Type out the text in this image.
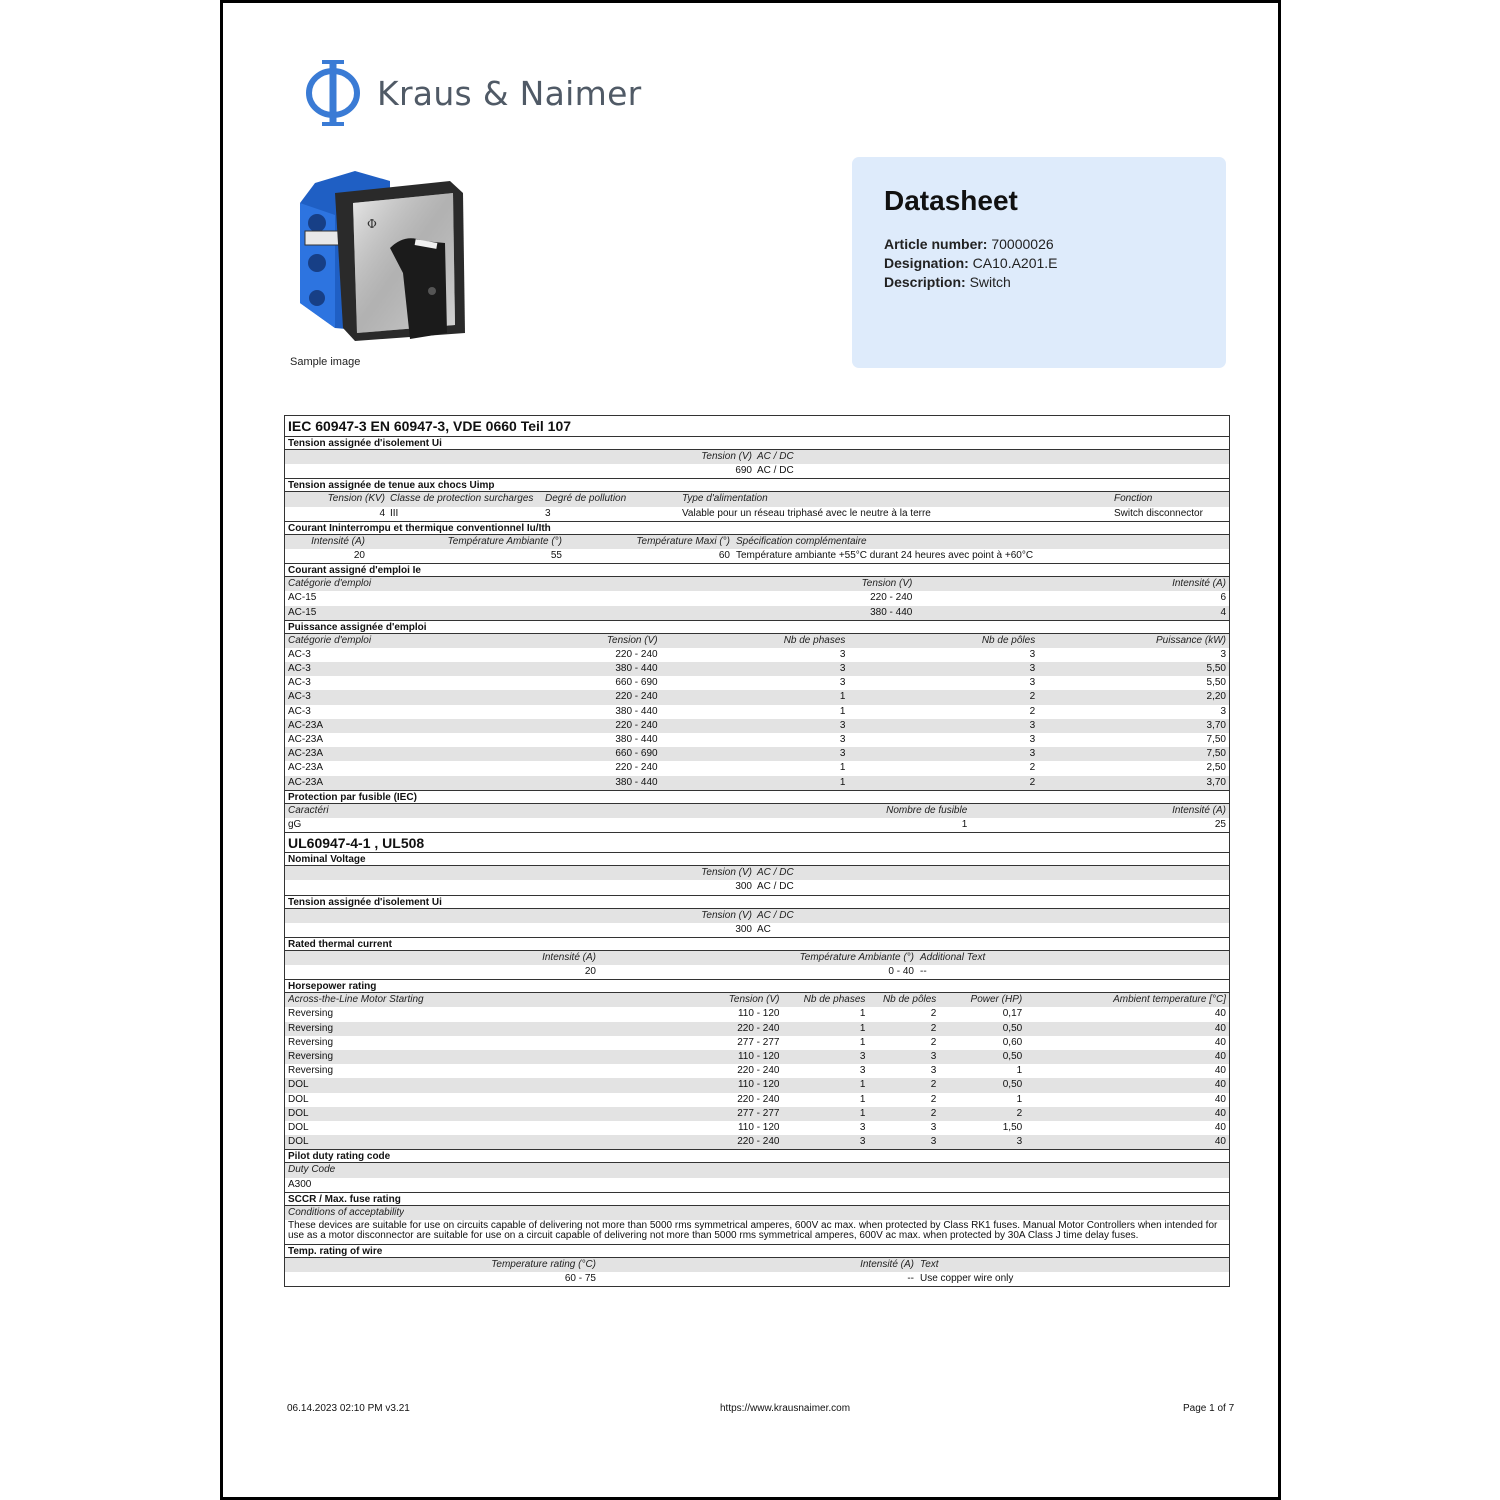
Kraus & Naimer
Φ
Sample image
Datasheet
Article number: 70000026
Designation: CA10.A201.E
Description: Switch
IEC 60947-3 EN 60947-3, VDE 0660 Teil 107
Tension assignée d'isolement Ui
Tension (V) AC / DC
690 AC / DC
Tension assignée de tenue aux chocs Uimp
Tension (KV) Classe de protection surcharges	Degré de pollution	Type d'alimentation	Fonction
4 III	3	Valable pour un réseau triphasé avec le neutre à la terre	Switch disconnector
Courant Ininterrompu et thermique conventionnel Iu/Ith
Intensité (A)	Température Ambiante (°)	Température Maxi (°) Spécification complémentaire
20	55	60 Température ambiante +55°C durant 24 heures avec point à +60°C
Courant assigné d'emploi Ie
Catégorie d'emploi	Tension (V)	Intensité (A)
AC-15	220 - 240	6
AC-15	380 - 440	4
Puissance assignée d'emploi
Catégorie d'emploi	Tension (V)	Nb de phases	Nb de pôles	Puissance (kW)
AC-3	220 - 240	3	3	3
AC-3	380 - 440	3	3	5,50
AC-3	660 - 690	3	3	5,50
AC-3	220 - 240	1	2	2,20
AC-3	380 - 440	1	2	3
AC-23A	220 - 240	3	3	3,70
AC-23A	380 - 440	3	3	7,50
AC-23A	660 - 690	3	3	7,50
AC-23A	220 - 240	1	2	2,50
AC-23A	380 - 440	1	2	3,70
Protection par fusible (IEC)
Caractéri	Nombre de fusible	Intensité (A)
gG	1	25
UL60947-4-1 , UL508
Nominal Voltage
Tension (V) AC / DC
300 AC / DC
Tension assignée d'isolement Ui
Tension (V) AC / DC
300 AC
Rated thermal current
Intensité (A)	Température Ambiante (°) Additional Text
20	0 - 40 --
Horsepower rating
Across-the-Line Motor Starting	Tension (V)	Nb de phases	Nb de pôles	Power (HP)	Ambient temperature [°C]
Reversing	110 - 120	1	2	0,17	40
Reversing	220 - 240	1	2	0,50	40
Reversing	277 - 277	1	2	0,60	40
Reversing	110 - 120	3	3	0,50	40
Reversing	220 - 240	3	3	1	40
DOL	110 - 120	1	2	0,50	40
DOL	220 - 240	1	2	1	40
DOL	277 - 277	1	2	2	40
DOL	110 - 120	3	3	1,50	40
DOL	220 - 240	3	3	3	40
Pilot duty rating code
Duty Code
A300
SCCR / Max. fuse rating
Conditions of acceptability
These devices are suitable for use on circuits capable of delivering not more than 5000 rms symmetrical amperes, 600V ac max. when protected by Class RK1 fuses. Manual Motor Controllers when intended for use as a motor disconnector are suitable for use on a circuit capable of delivering not more than 5000 rms symmetrical amperes, 600V ac max. when protected by 30A Class J time delay fuses.
Temp. rating of wire
Temperature rating (°C)	Intensité (A) Text
60 - 75	-- Use copper wire only
06.14.2023 02:10 PM v3.21	https://www.krausnaimer.com	Page 1 of 7
